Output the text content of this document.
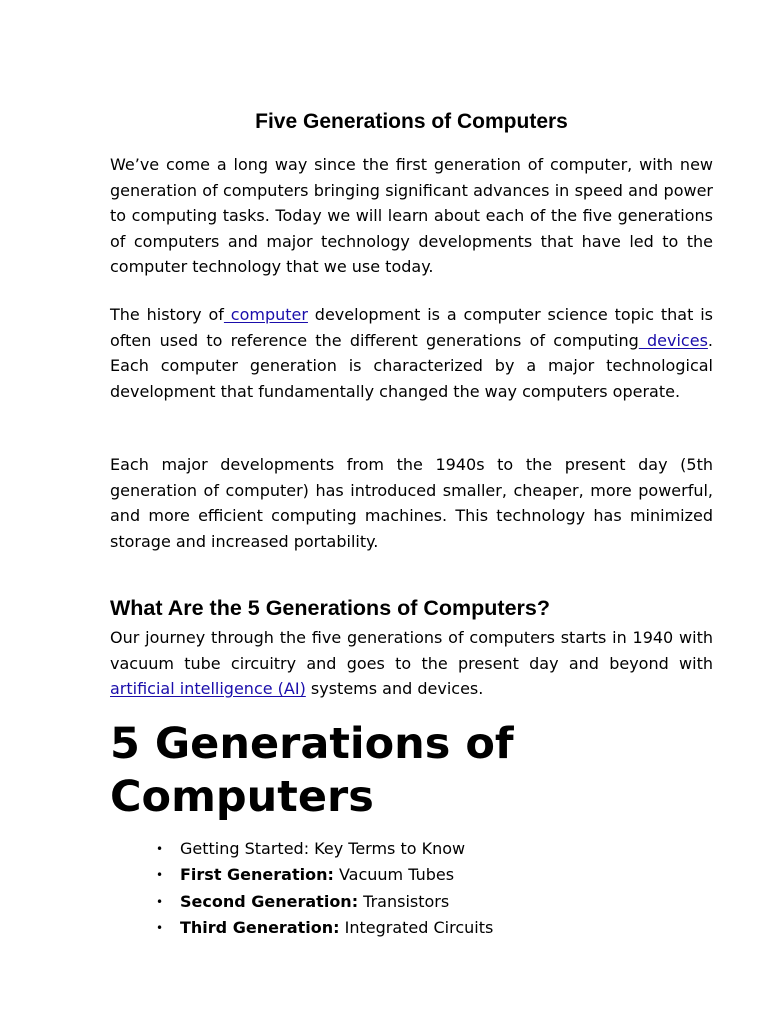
Five Generations of Computers

We’ve come a long way since the first generation of computer, with new generation of computers bringing significant advances in speed and power to computing tasks. Today we will learn about each of the five generations of computers and major technology developments that have led to the computer technology that we use today.

The history of computer development is a computer science topic that is often used to reference the different generations of computing devices. Each computer generation is characterized by a major technological development that fundamentally changed the way computers operate.

Each major developments from the 1940s to the present day (5th generation of computer) has introduced smaller, cheaper, more powerful, and more efficient computing machines. This technology has minimized storage and increased portability.

What Are the 5 Generations of Computers?

Our journey through the five generations of computers starts in 1940 with vacuum tube circuitry and goes to the present day and beyond with artificial intelligence (AI) systems and devices.

5 Generations of Computers
• Getting Started: Key Terms to Know
• First Generation: Vacuum Tubes
• Second Generation: Transistors
• Third Generation: Integrated Circuits
